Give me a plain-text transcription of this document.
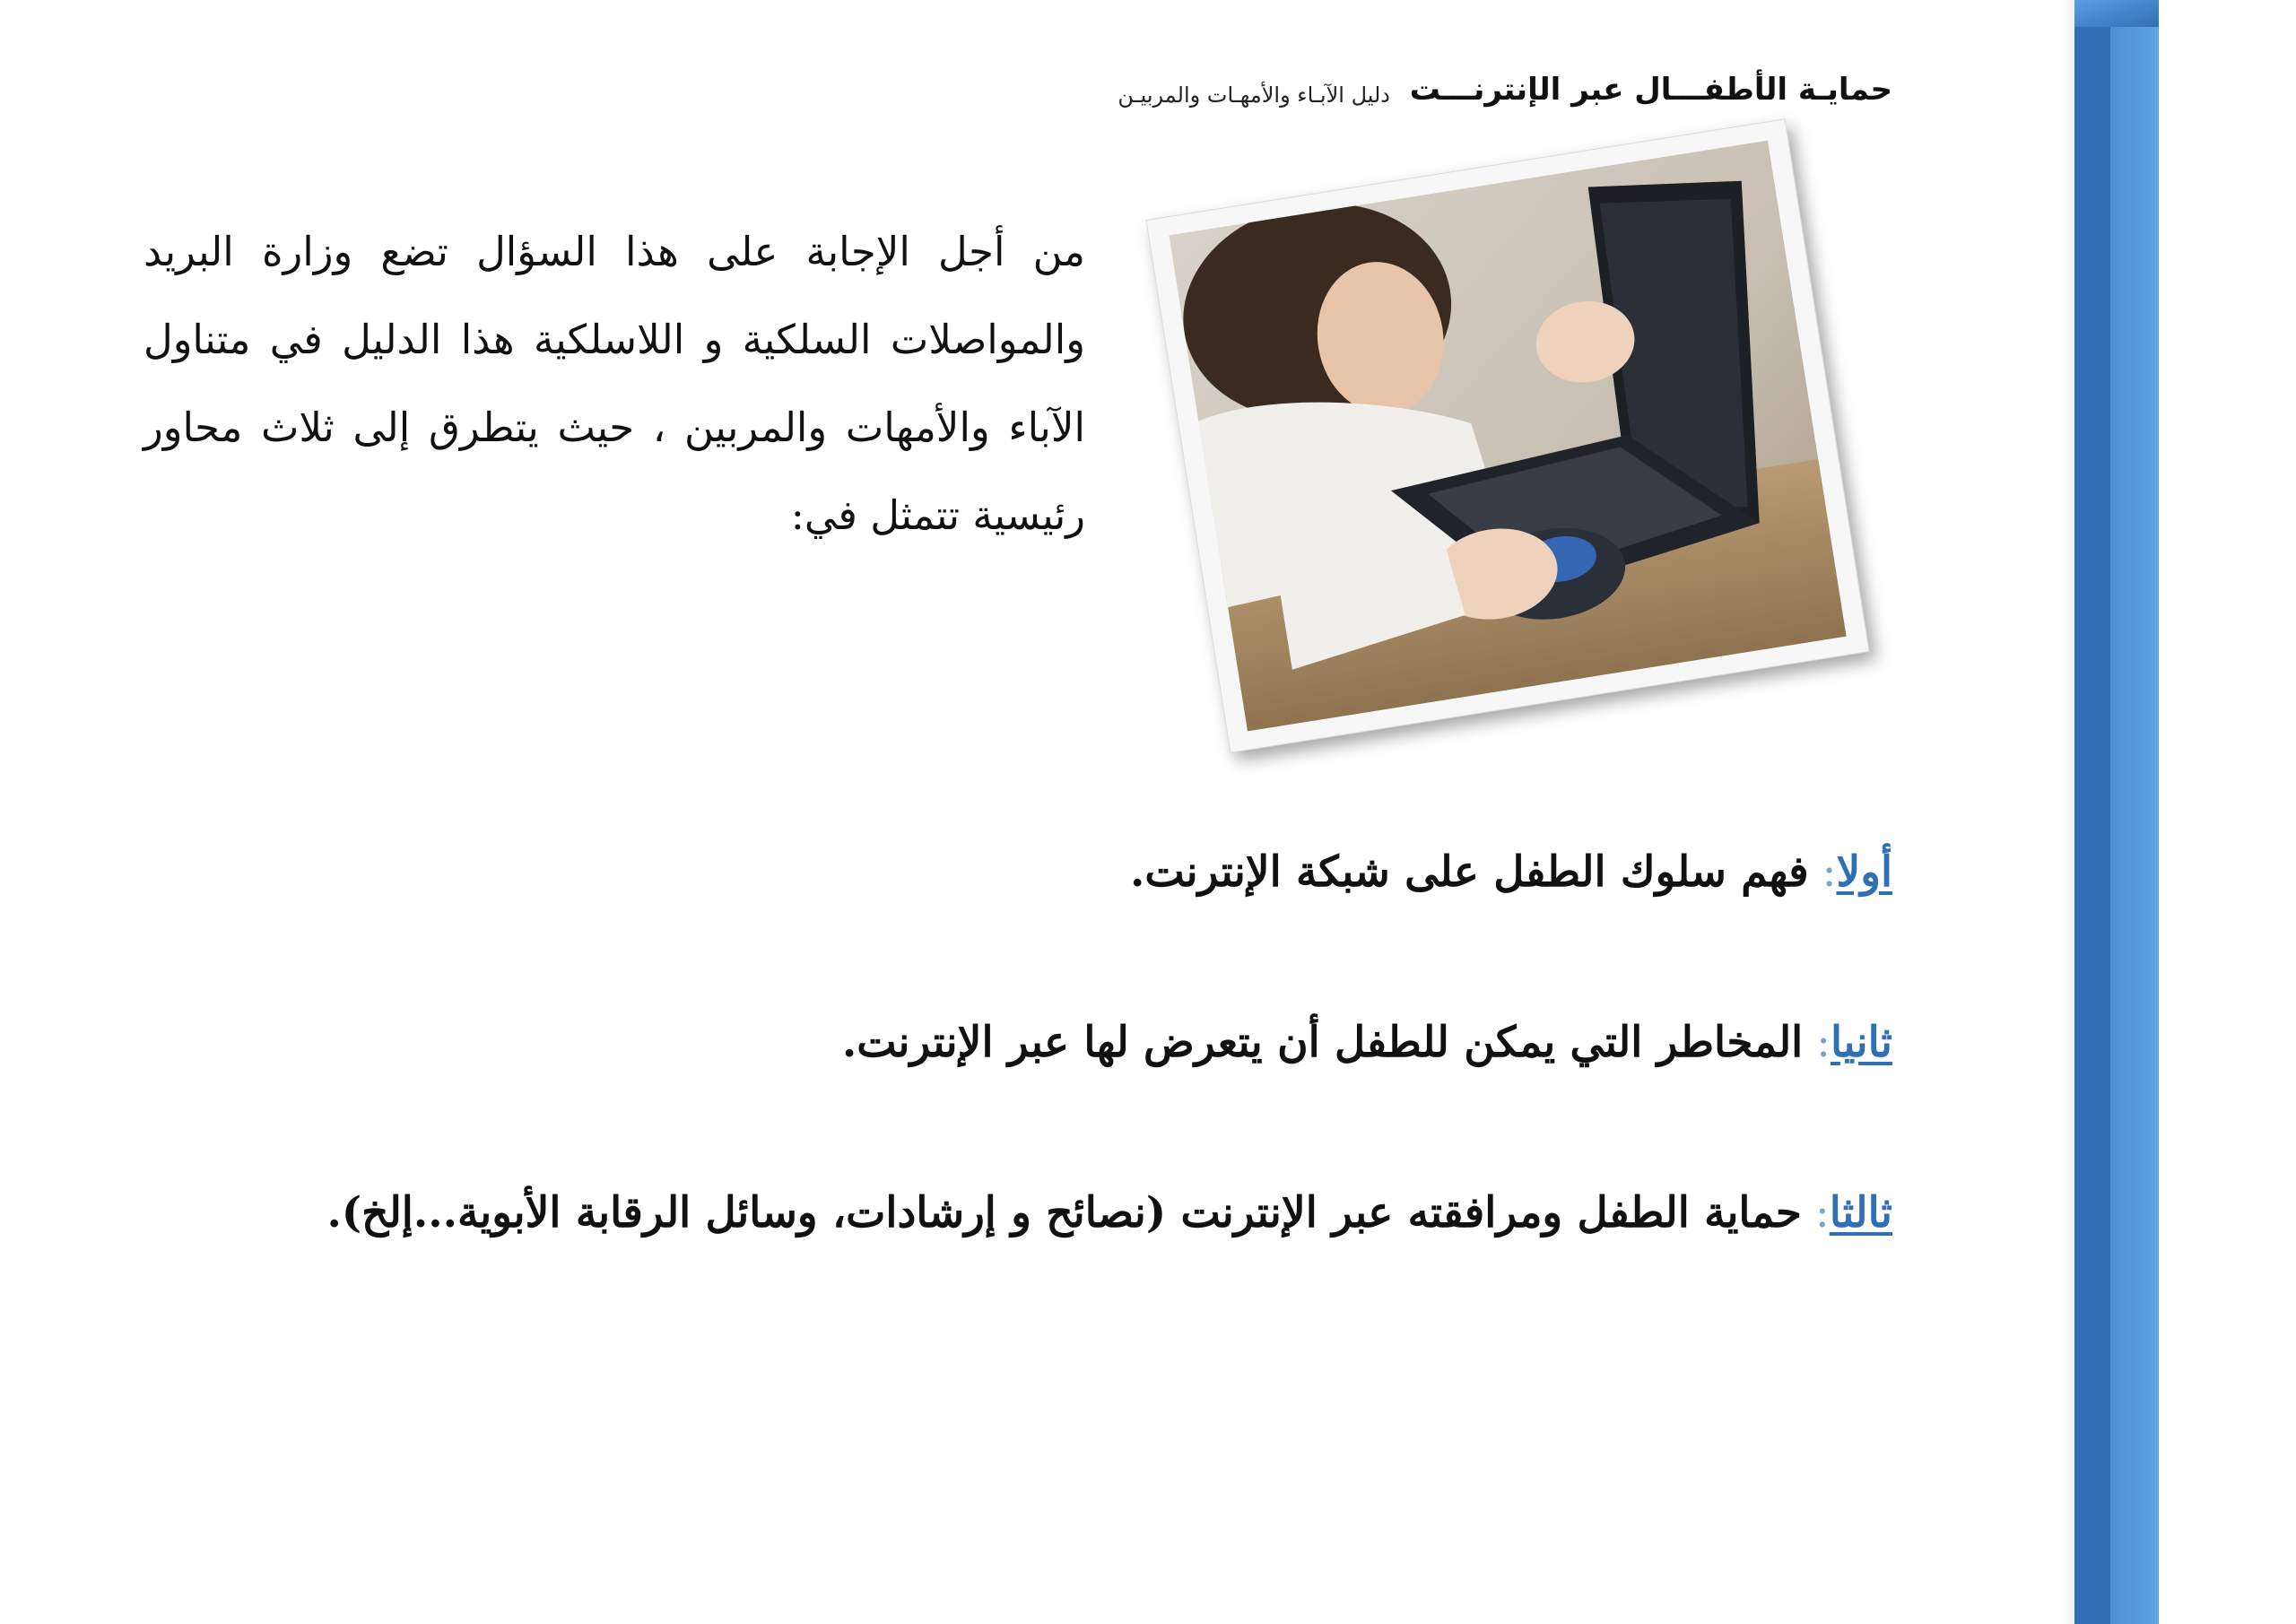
حمايـة الأطفـــال عبر الإنترنـــت
دليل الآبـاء والأمهـات والمربيـن
من أجل الإجابة على هذا السؤال تضع وزارة البريد والمواصلات السلكية و اللاسلكية هذا الدليل في متناول الآباء والأمهات والمربين ، حيث يتطرق إلى ثلاث محاور رئيسية تتمثل في:
أولا: فهم سلوك الطفل على شبكة الإنترنت.
ثانيا: المخاطر التي يمكن للطفل أن يتعرض لها عبر الإنترنت.
ثالثا: حماية الطفل ومرافقته عبر الإنترنت (نصائح و إرشادات، وسائل الرقابة الأبوية...إلخ).
